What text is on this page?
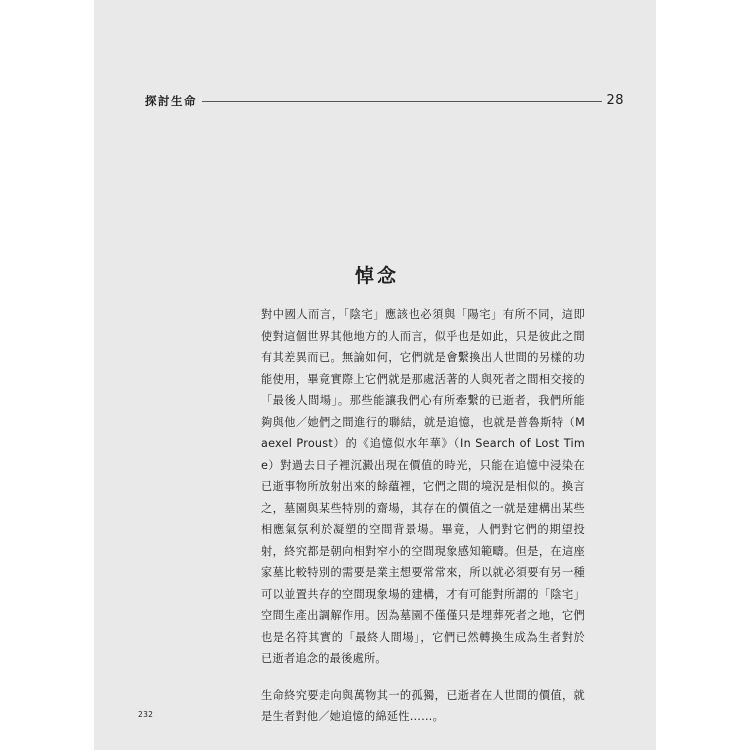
探討生命	28
悼念

對中國人而言，「陰宅」應該也必須與「陽宅」有所不同，這即使對這個世界其他地方的人而言，似乎也是如此，只是彼此之間有其差異而已。無論如何，它們就是會繫換出人世間的另樣的功能使用，畢竟實際上它們就是那處活著的人與死者之間相交接的「最後人間場」。那些能讓我們心有所牽繫的已逝者，我們所能夠與他／她們之間進行的聯結，就是追憶，也就是普魯斯特（Maexel Proust）的《追憶似水年華》（In Search of Lost Time）對過去日子裡沉澱出現在價值的時光，只能在追憶中浸染在已逝事物所放射出來的餘蘊裡，它們之間的境況是相似的。換言之，墓園與某些特別的齋場，其存在的價值之一就是建構出某些相應氣氛利於凝塑的空間背景場。畢竟，人們對它們的期望投射，終究都是朝向相對窄小的空間現象感知範疇。但是，在這座家墓比較特別的需要是業主想要常常來，所以就必須要有另一種可以並置共存的空間現象場的建構，才有可能對所謂的「陰宅」空間生產出調解作用。因為墓園不僅僅只是埋葬死者之地，它們也是名符其實的「最終人間場」，它們已然轉換生成為生者對於已逝者追念的最後處所。

生命終究要走向與萬物其一的孤獨，已逝者在人世間的價值，就是生者對他／她追憶的綿延性……。

232
